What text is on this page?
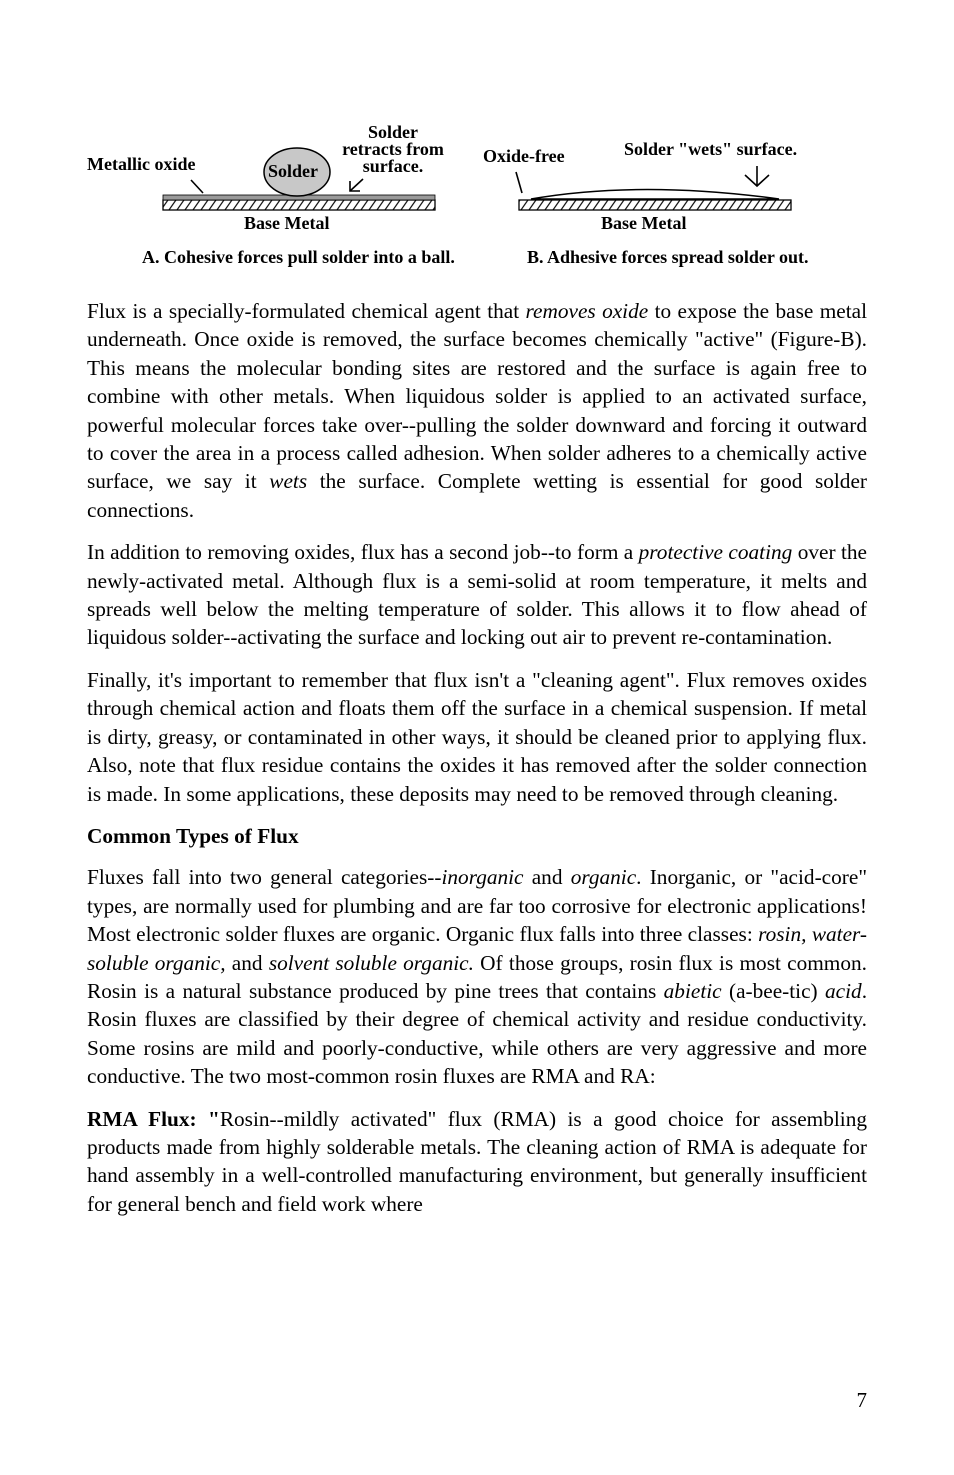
Metallic oxide	Solder
Solder
retracts from
surface.
Base Metal
Oxide-free	Solder "wets" surface.
Base Metal
A. Cohesive forces pull solder into a ball.	B. Adhesive forces spread solder out.

Flux is a specially-formulated chemical agent that removes oxide to expose the base metal underneath. Once oxide is removed, the surface becomes chemically "active" (Figure-B). This means the molecular bonding sites are restored and the surface is again free to combine with other metals. When liquidous solder is applied to an activated surface, powerful molecular forces take over--pulling the solder downward and forcing it outward to cover the area in a process called adhesion. When solder adheres to a chemically active surface, we say it wets the surface. Complete wetting is essential for good solder connections.

In addition to removing oxides, flux has a second job--to form a protective coating over the newly-activated metal. Although flux is a semi-solid at room temperature, it melts and spreads well below the melting temperature of solder. This allows it to flow ahead of liquidous solder--activating the surface and locking out air to prevent re-contamination.

Finally, it's important to remember that flux isn't a "cleaning agent". Flux removes oxides through chemical action and floats them off the surface in a chemical suspension. If metal is dirty, greasy, or contaminated in other ways, it should be cleaned prior to applying flux. Also, note that flux residue contains the oxides it has removed after the solder connection is made. In some applications, these deposits may need to be removed through cleaning.

Common Types of Flux

Fluxes fall into two general categories--inorganic and organic. Inorganic, or "acid-core" types, are normally used for plumbing and are far too corrosive for electronic applications! Most electronic solder fluxes are organic. Organic flux falls into three classes: rosin, water-soluble organic, and solvent soluble organic. Of those groups, rosin flux is most common. Rosin is a natural substance produced by pine trees that contains abietic (a-bee-tic) acid. Rosin fluxes are classified by their degree of chemical activity and residue conductivity. Some rosins are mild and poorly-conductive, while others are very aggressive and more conductive. The two most-common rosin fluxes are RMA and RA:

RMA Flux: "Rosin--mildly activated" flux (RMA) is a good choice for assembling products made from highly solderable metals. The cleaning action of RMA is adequate for hand assembly in a well-controlled manufacturing environment, but generally insufficient for general bench and field work where

7
